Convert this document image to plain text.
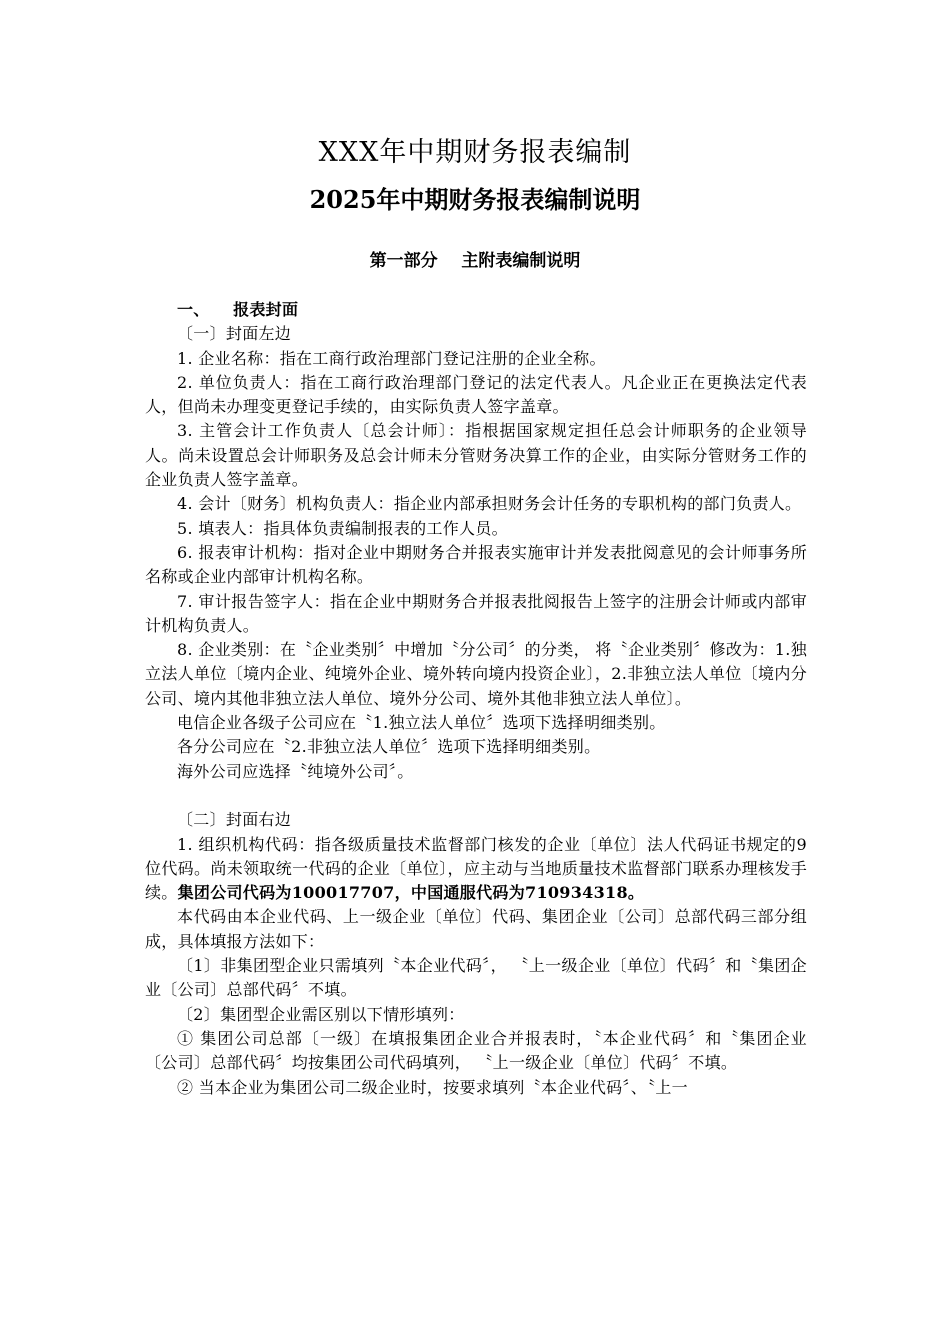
XXX年中期财务报表编制
2025年中期财务报表编制说明
第一部分    主附表编制说明

一、    报表封面

〔一〕封面左边

1. 企业名称：指在工商行政治理部门登记注册的企业全称。

2. 单位负责人：指在工商行政治理部门登记的法定代表人。凡企业正在更换法定代表人，但尚未办理变更登记手续的，由实际负责人签字盖章。

3. 主管会计工作负责人〔总会计师〕：指根据国家规定担任总会计师职务的企业领导人。尚未设置总会计师职务及总会计师未分管财务决算工作的企业，由实际分管财务工作的企业负责人签字盖章。

4. 会计〔财务〕机构负责人：指企业内部承担财务会计任务的专职机构的部门负责人。

5. 填表人：指具体负责编制报表的工作人员。

6. 报表审计机构：指对企业中期财务合并报表实施审计并发表批阅意见的会计师事务所名称或企业内部审计机构名称。

7. 审计报告签字人：指在企业中期财务合并报表批阅报告上签字的注册会计师或内部审计机构负责人。

8. 企业类别：在〝企业类别〞中增加〝分公司〞的分类， 将〝企业类别〞修改为：1.独立法人单位〔境内企业、纯境外企业、境外转向境内投资企业〕，2.非独立法人单位〔境内分公司、境内其他非独立法人单位、境外分公司、境外其他非独立法人单位〕。

电信企业各级子公司应在〝1.独立法人单位〞选项下选择明细类别。

各分公司应在〝2.非独立法人单位〞选项下选择明细类别。

海外公司应选择〝纯境外公司〞。

〔二〕封面右边

1. 组织机构代码：指各级质量技术监督部门核发的企业〔单位〕法人代码证书规定的9位代码。尚未领取统一代码的企业〔单位〕，应主动与当地质量技术监督部门联系办理核发手续。集团公司代码为100017707，中国通服代码为710934318。

本代码由本企业代码、上一级企业〔单位〕代码、集团企业〔公司〕总部代码三部分组成，具体填报方法如下：

〔1〕非集团型企业只需填列〝本企业代码〞， 〝上一级企业〔单位〕代码〞和〝集团企业〔公司〕总部代码〞不填。

〔2〕集团型企业需区别以下情形填列：

① 集团公司总部〔一级〕在填报集团企业合并报表时，〝本企业代码〞和〝集团企业〔公司〕总部代码〞均按集团公司代码填列， 〝上一级企业〔单位〕代码〞不填。

② 当本企业为集团公司二级企业时，按要求填列〝本企业代码〞、〝上一
